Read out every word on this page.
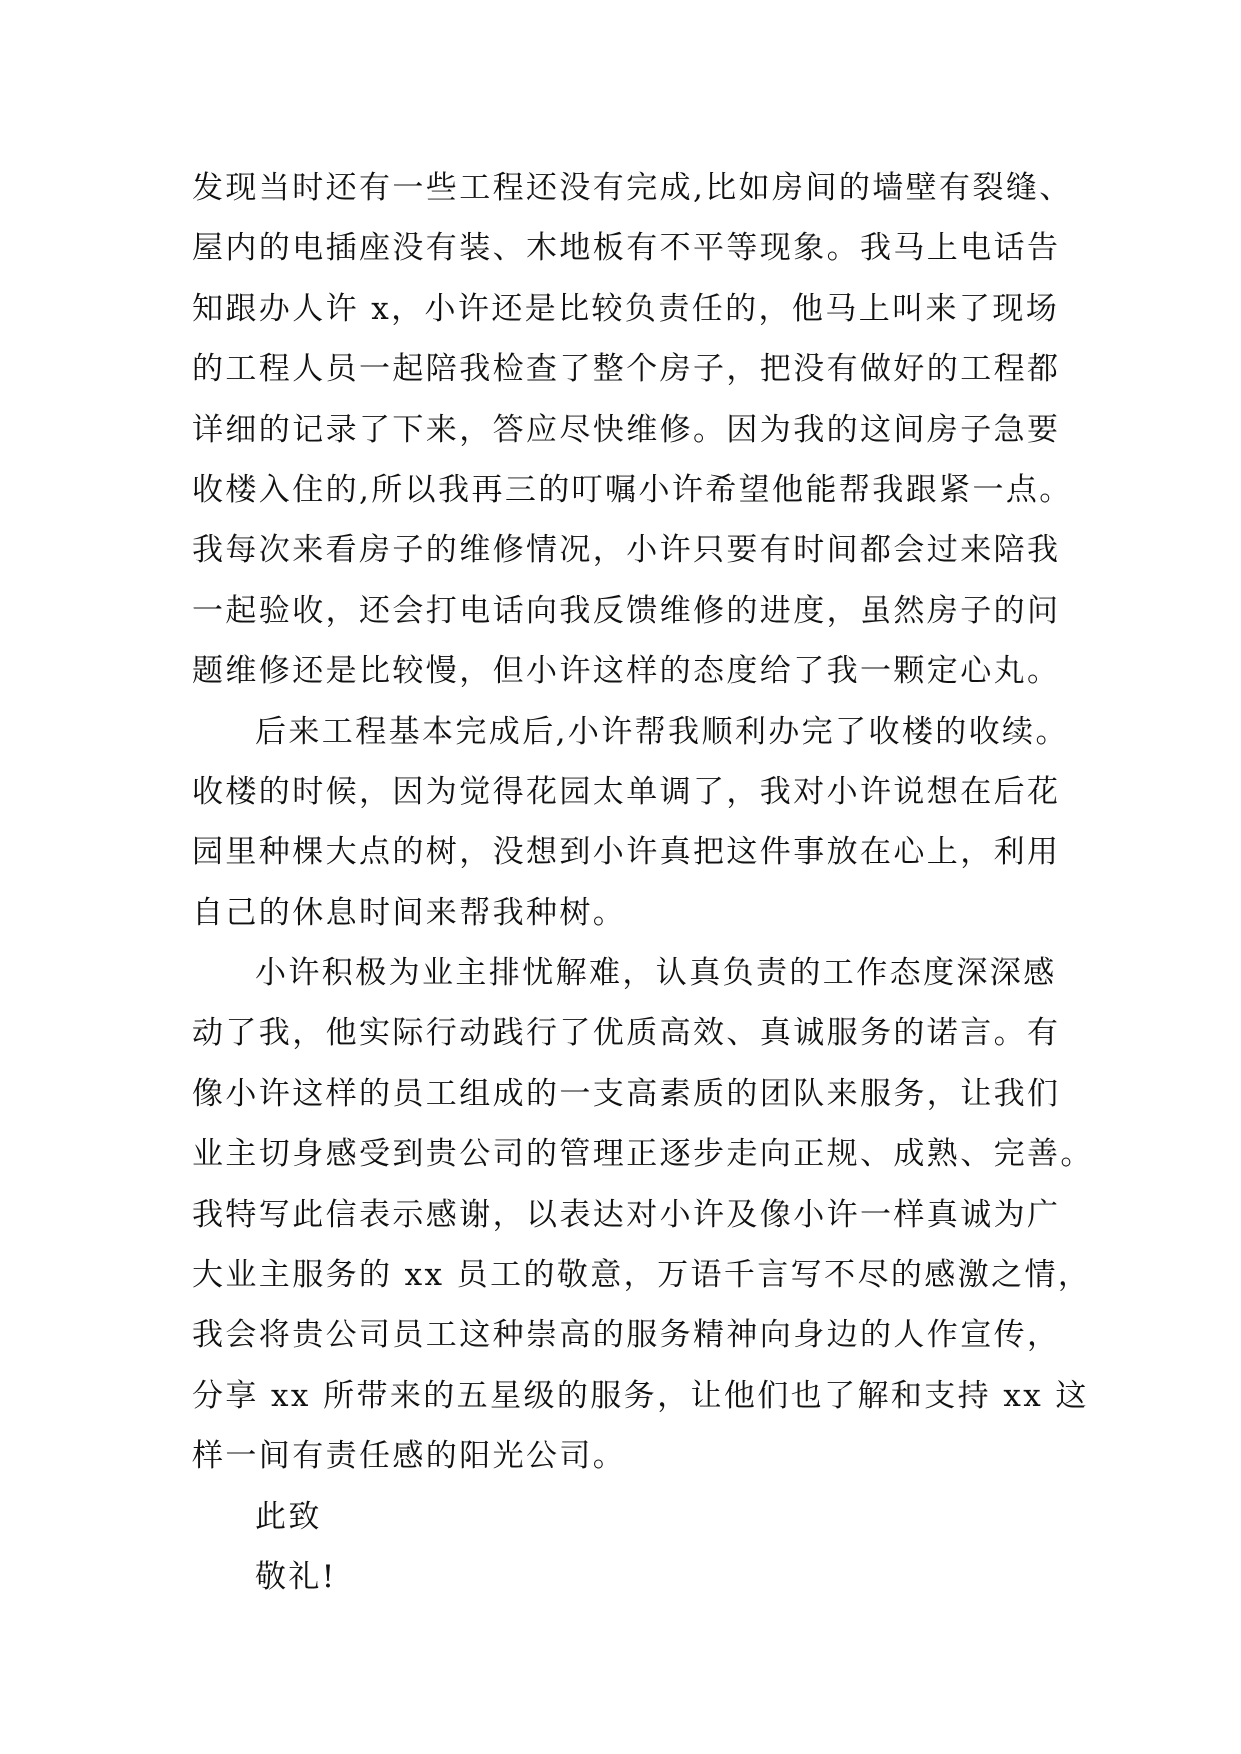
发现当时还有一些工程还没有完成,比如房间的墙壁有裂缝、
屋内的电插座没有装、木地板有不平等现象。我马上电话告
知跟办人许 x，小许还是比较负责任的，他马上叫来了现场
的工程人员一起陪我检查了整个房子，把没有做好的工程都
详细的记录了下来，答应尽快维修。因为我的这间房子急要
收楼入住的,所以我再三的叮嘱小许希望他能帮我跟紧一点。
我每次来看房子的维修情况，小许只要有时间都会过来陪我
一起验收，还会打电话向我反馈维修的进度，虽然房子的问
题维修还是比较慢，但小许这样的态度给了我一颗定心丸。
后来工程基本完成后,小许帮我顺利办完了收楼的收续。
收楼的时候，因为觉得花园太单调了，我对小许说想在后花
园里种棵大点的树，没想到小许真把这件事放在心上，利用
自己的休息时间来帮我种树。
小许积极为业主排忧解难，认真负责的工作态度深深感
动了我，他实际行动践行了优质高效、真诚服务的诺言。有
像小许这样的员工组成的一支高素质的团队来服务，让我们
业主切身感受到贵公司的管理正逐步走向正规、成熟、完善。
我特写此信表示感谢，以表达对小许及像小许一样真诚为广
大业主服务的 xx 员工的敬意，万语千言写不尽的感激之情，
我会将贵公司员工这种崇高的服务精神向身边的人作宣传，
分享 xx 所带来的五星级的服务，让他们也了解和支持 xx 这
样一间有责任感的阳光公司。
此致
敬礼!
